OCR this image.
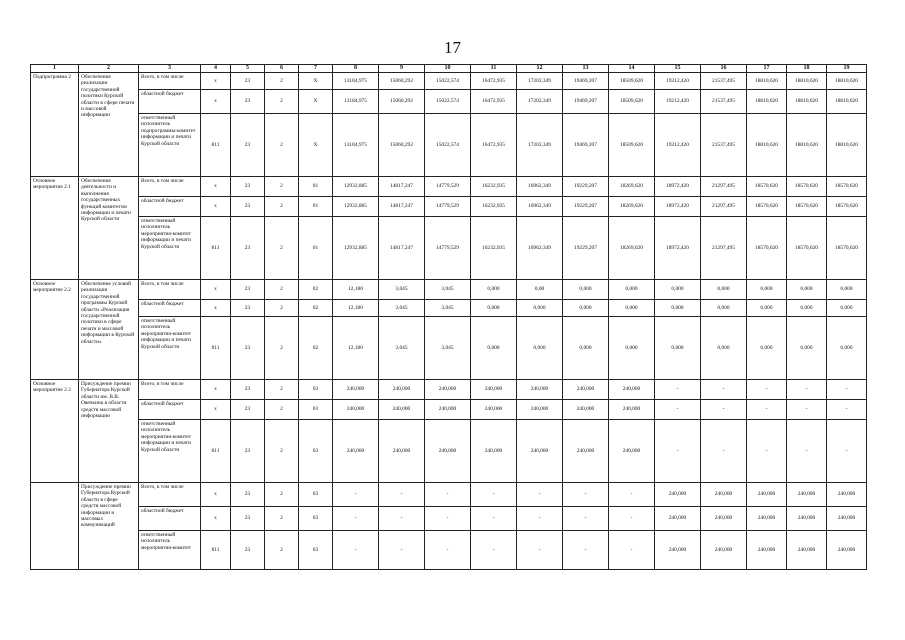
17
1	2	3	4	5	6	7	8	9	10	11	12	13	14	15	16	17	18	19
Подпрограмма 2	Обеспечение реализации государственной политики Курской области в сфере печати и массовой информации	Всего, в том числе	x	23	2	X	13184,975	15060,292	15022,574	16472,935	17202,349	19469,207	18509,620	19212,420	21537,495	18810,620	18810,620	18810,620
		областной бюджет	x	23	2	X	13184,975	15060,292	15022,574	16472,935	17202,349	19469,207	18509,620	19212,420	21537,495	18810,620	18810,620	18810,620
		ответственный исполнитель подпрограммы-комитет информации и печати Курской области	811	23	2	X	13184,975	15060,292	15022,574	16472,935	17202,349	19469,207	18509,620	19212,420	21537,495	18810,620	18810,620	18810,620
Основное мероприятие 2.1	Обеспечение деятельности и выполнения государственных функций комитетом информации и печати Курской области	Всего, в том числе	x	23	2	01	12932,885	14817,247	14779,529	16232,935	16962,349	19229,207	18269,620	18972,420	21297,495	18570,620	18570,620	18570,620
		областной бюджет	x	23	2	01	12932,885	14817,247	14779,529	16232,935	16962,349	19229,207	18269,620	18972,420	21297,495	18570,620	18570,620	18570,620
		ответственный исполнитель мероприятия-комитет информации и печати Курской области	811	23	2	01	12932,885	14817,247	14779,529	16232,935	16962,349	19229,207	18269,620	18972,420	21297,495	18570,620	18570,620	18570,620
Основное мероприятие 2.2	Обеспечение условий реализации государственной программы Курской области «Реализация государственной политики в сфере печати и массовой информации в Курской области»	Всего, в том числе	x	23	2	02	12,180	3,045	3,045	0,000	0,00	0,000	0,000	0,000	0,000	0,000	0,000	0,000
		областной бюджет	x	23	2	02	12,180	3,045	3,045	0,000	0,000	0,000	0,000	0,000	0,000	0,000	0,000	0,000
		ответственный исполнитель мероприятия-комитет информации и печати Курской области	811	23	2	02	12,180	3,045	3,045	0,000	0,000	0,000	0,000	0,000	0,000	0,000	0,000	0,000
Основное мероприятие 2.3	Присуждение премии Губернатора Курской области им. В.В. Овечкина в области средств массовой информации	Всего, в том числе	x	23	2	03	240,000	240,000	240,000	240,000	240,000	240,000	240,000	-	-	-	-	-
		областной бюджет	x	23	2	03	240,000	240,000	240,000	240,000	240,000	240,000	240,000	-	-	-	-	-
		ответственный исполнитель мероприятия-комитет информации и печати Курской области	811	23	2	03	240,000	240,000	240,000	240,000	240,000	240,000	240,000	-	-	-	-	-
	Присуждение премии Губернатора Курской области в сфере средств массовой информации и массовых коммуникаций	Всего, в том числе	x	23	2	03	-	-	-	-	-	-	-	240,000	240,000	240,000	240,000	240,000
		областной бюджет	x	23	2	03	-	-	-	-	-	-	-	240,000	240,000	240,000	240,000	240,000
		ответственный исполнитель мероприятия-комитет	811	23	2	03	-	-	-	-	-	-	-	240,000	240,000	240,000	240,000	240,000
